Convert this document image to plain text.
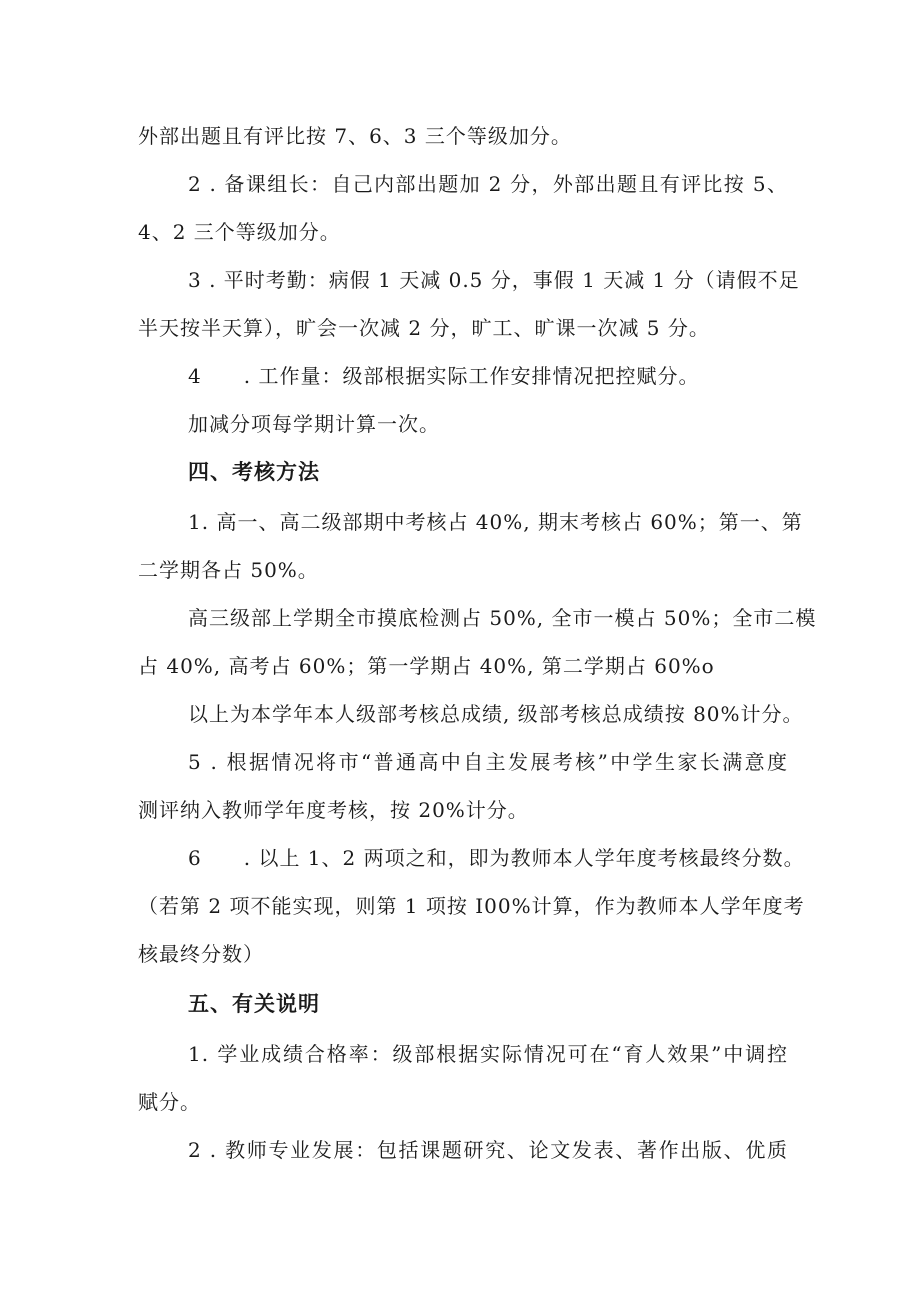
外部出题且有评比按 7、6、3 三个等级加分。
2 . 备课组长：自己内部出题加 2 分，外部出题且有评比按 5、
4、2 三个等级加分。
3 . 平时考勤：病假 1 天减 0.5 分，事假 1 天减 1 分（请假不足
半天按半天算），旷会一次减 2 分，旷工、旷课一次减 5 分。
4　　. 工作量：级部根据实际工作安排情况把控赋分。
加减分项每学期计算一次。
四、考核方法
1. 高一、高二级部期中考核占 40%, 期末考核占 60%；第一、第
二学期各占 50%。
高三级部上学期全市摸底检测占 50%, 全市一模占 50%；全市二模
占 40%, 高考占 60%；第一学期占 40%, 第二学期占 60%o
以上为本学年本人级部考核总成绩, 级部考核总成绩按 80%计分。
5 . 根据情况将市“普通高中自主发展考核”中学生家长满意度
测评纳入教师学年度考核，按 20%计分。
6　　. 以上 1、2 两项之和，即为教师本人学年度考核最终分数。
（若第 2 项不能实现，则第 1 项按 I00%计算，作为教师本人学年度考
核最终分数）
五、有关说明
1. 学业成绩合格率：级部根据实际情况可在“育人效果”中调控
赋分。
2 . 教师专业发展：包括课题研究、论文发表、著作出版、优质
